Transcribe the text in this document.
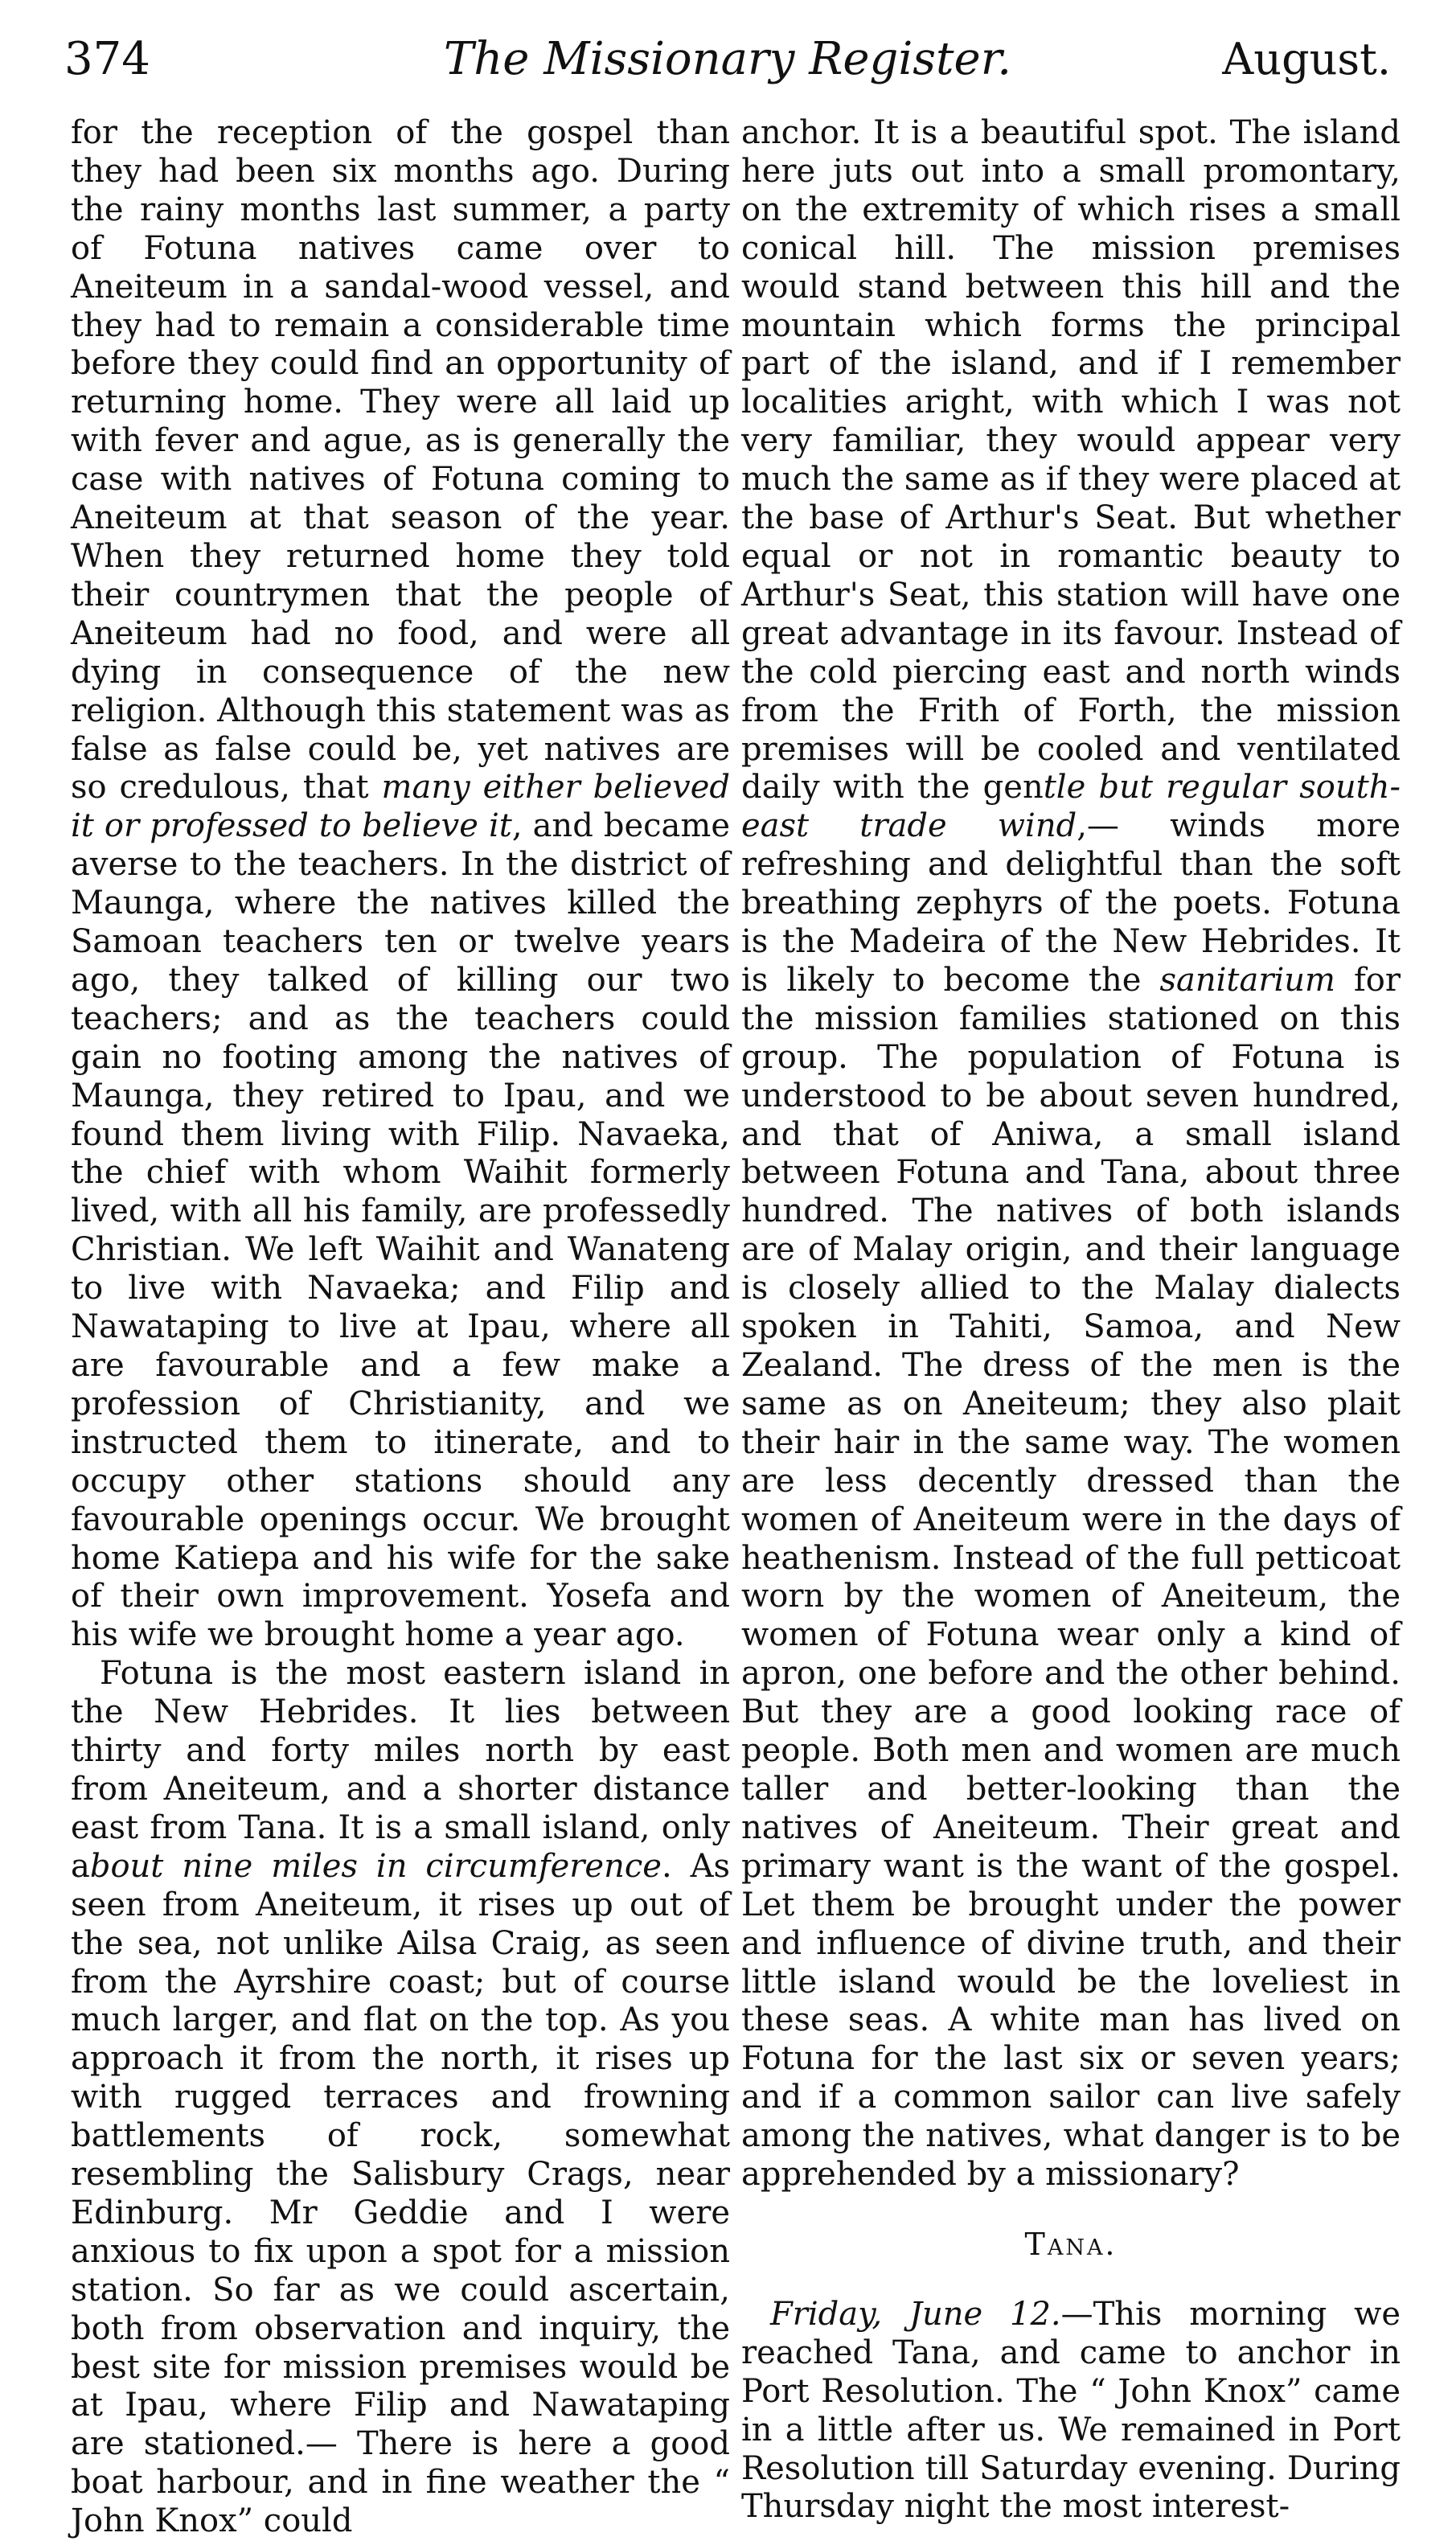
374	The Missionary Register.	August.

for the reception of the gospel than they had been six months ago. During the rainy months last summer, a party of Fotuna natives came over to Aneiteum in a sandal-wood vessel, and they had to remain a considerable time before they could find an opportunity of returning home. They were all laid up with fever and ague, as is generally the case with natives of Fotuna coming to Aneiteum at that season of the year. When they returned home they told their countrymen that the people of Aneiteum had no food, and were all dying in consequence of the new religion. Although this statement was as false as false could be, yet natives are so credulous, that many either believed it or professed to believe it, and became averse to the teachers. In the district of Maunga, where the natives killed the Samoan teachers ten or twelve years ago, they talked of killing our two teachers; and as the teachers could gain no footing among the natives of Maunga, they retired to Ipau, and we found them living with Filip. Navaeka, the chief with whom Waihit formerly lived, with all his family, are professedly Christian. We left Waihit and Wanateng to live with Navaeka; and Filip and Nawataping to live at Ipau, where all are favourable and a few make a profession of Christianity, and we instructed them to itinerate, and to occupy other stations should any favourable openings occur. We brought home Katiepa and his wife for the sake of their own improvement. Yosefa and his wife we brought home a year ago.

Fotuna is the most eastern island in the New Hebrides. It lies between thirty and forty miles north by east from Aneiteum, and a shorter distance east from Tana. It is a small island, only about nine miles in circumference. As seen from Aneiteum, it rises up out of the sea, not unlike Ailsa Craig, as seen from the Ayrshire coast; but of course much larger, and flat on the top. As you approach it from the north, it rises up with rugged terraces and frowning battlements of rock, somewhat resembling the Salisbury Crags, near Edinburg. Mr Geddie and I were anxious to fix upon a spot for a mission station. So far as we could ascertain, both from observation and inquiry, the best site for mission premises would be at Ipau, where Filip and Nawataping are stationed.— There is here a good boat harbour, and in fine weather the “ John Knox” could

anchor. It is a beautiful spot. The island here juts out into a small promontary, on the extremity of which rises a small conical hill. The mission premises would stand between this hill and the mountain which forms the principal part of the island, and if I remember localities aright, with which I was not very familiar, they would appear very much the same as if they were placed at the base of Arthur's Seat. But whether equal or not in romantic beauty to Arthur's Seat, this station will have one great advantage in its favour. Instead of the cold piercing east and north winds from the Frith of Forth, the mission premises will be cooled and ventilated daily with the gentle but regular south-east trade wind,— winds more refreshing and delightful than the soft breathing zephyrs of the poets. Fotuna is the Madeira of the New Hebrides. It is likely to become the sanitarium for the mission families stationed on this group. The population of Fotuna is understood to be about seven hundred, and that of Aniwa, a small island between Fotuna and Tana, about three hundred. The natives of both islands are of Malay origin, and their language is closely allied to the Malay dialects spoken in Tahiti, Samoa, and New Zealand. The dress of the men is the same as on Aneiteum; they also plait their hair in the same way. The women are less decently dressed than the women of Aneiteum were in the days of heathenism. Instead of the full petticoat worn by the women of Aneiteum, the women of Fotuna wear only a kind of apron, one before and the other behind. But they are a good looking race of people. Both men and women are much taller and better-looking than the natives of Aneiteum. Their great and primary want is the want of the gospel. Let them be brought under the power and influence of divine truth, and their little island would be the loveliest in these seas. A white man has lived on Fotuna for the last six or seven years; and if a common sailor can live safely among the natives, what danger is to be apprehended by a missionary?

Tana.

Friday, June 12.—This morning we reached Tana, and came to anchor in Port Resolution. The “ John Knox” came in a little after us. We remained in Port Resolution till Saturday evening. During Thursday night the most interest-
